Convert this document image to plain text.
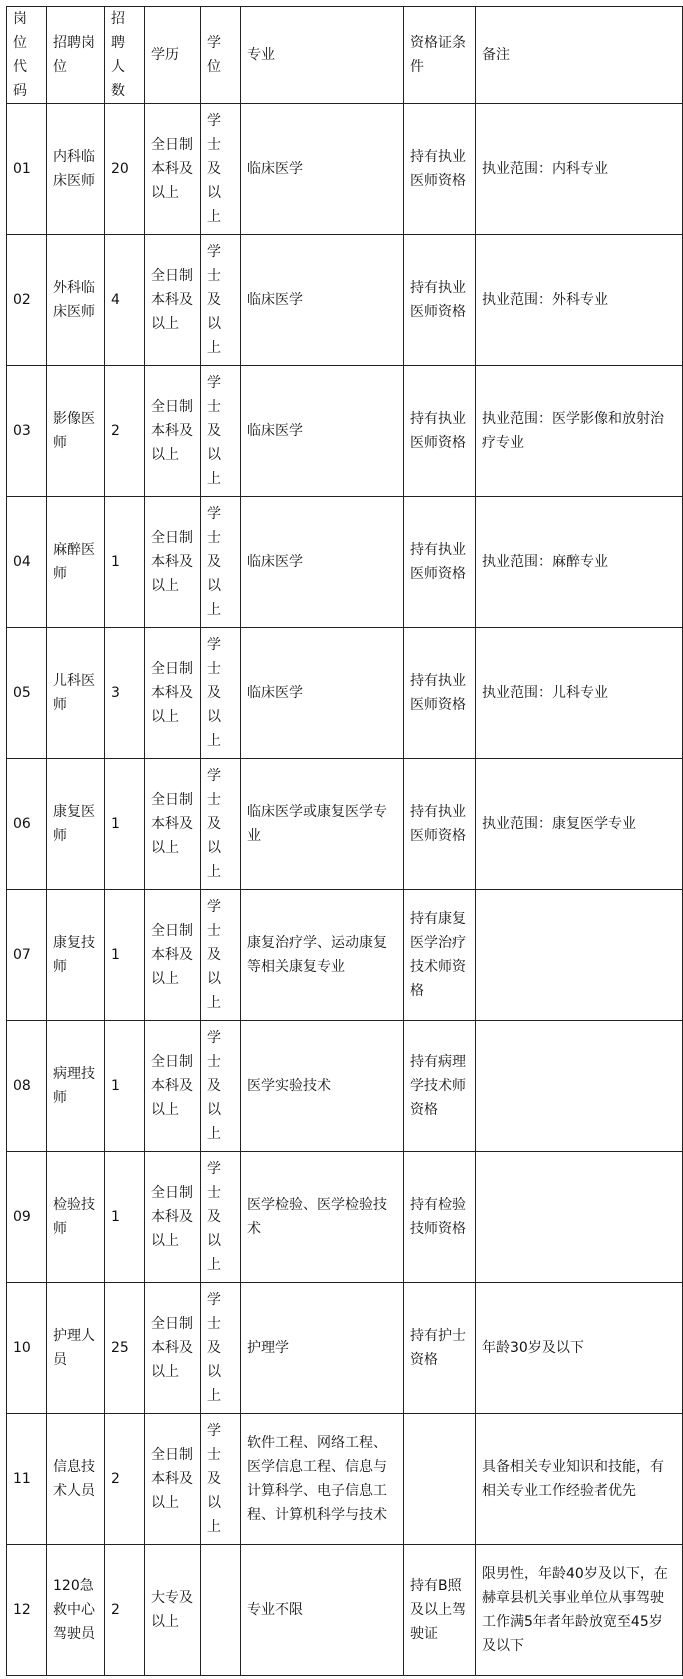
岗位代码	招聘岗位	招聘人数	学历	学位	专业	资格证条件	备注

01	内科临床医师	20	全日制本科及以上	学士及以上	临床医学	持有执业医师资格	执业范围：内科专业

02	外科临床医师	4	全日制本科及以上	学士及以上	临床医学	持有执业医师资格	执业范围：外科专业

03	影像医师	2	全日制本科及以上	学士及以上	临床医学	持有执业医师资格	执业范围：医学影像和放射治疗专业

04	麻醉医师	1	全日制本科及以上	学士及以上	临床医学	持有执业医师资格	执业范围：麻醉专业

05	儿科医师	3	全日制本科及以上	学士及以上	临床医学	持有执业医师资格	执业范围：儿科专业

06	康复医师	1	全日制本科及以上	学士及以上	临床医学或康复医学专业	持有执业医师资格	执业范围：康复医学专业

07	康复技师	1	全日制本科及以上	学士及以上	康复治疗学、运动康复等相关康复专业	持有康复医学治疗技术师资格	

08	病理技师	1	全日制本科及以上	学士及以上	医学实验技术	持有病理学技术师资格	

09	检验技师	1	全日制本科及以上	学士及以上	医学检验、医学检验技术	持有检验技师资格	

10	护理人员	25	全日制本科及以上	学士及以上	护理学	持有护士资格	年龄30岁及以下

11	信息技术人员	2	全日制本科及以上	学士及以上	软件工程、网络工程、医学信息工程、信息与计算科学、电子信息工程、计算机科学与技术		具备相关专业知识和技能，有相关专业工作经验者优先

12	120急救中心驾驶员	2	大专及以上		专业不限	持有B照及以上驾驶证	限男性，年龄40岁及以下，在赫章县机关事业单位从事驾驶工作满5年者年龄放宽至45岁及以下
